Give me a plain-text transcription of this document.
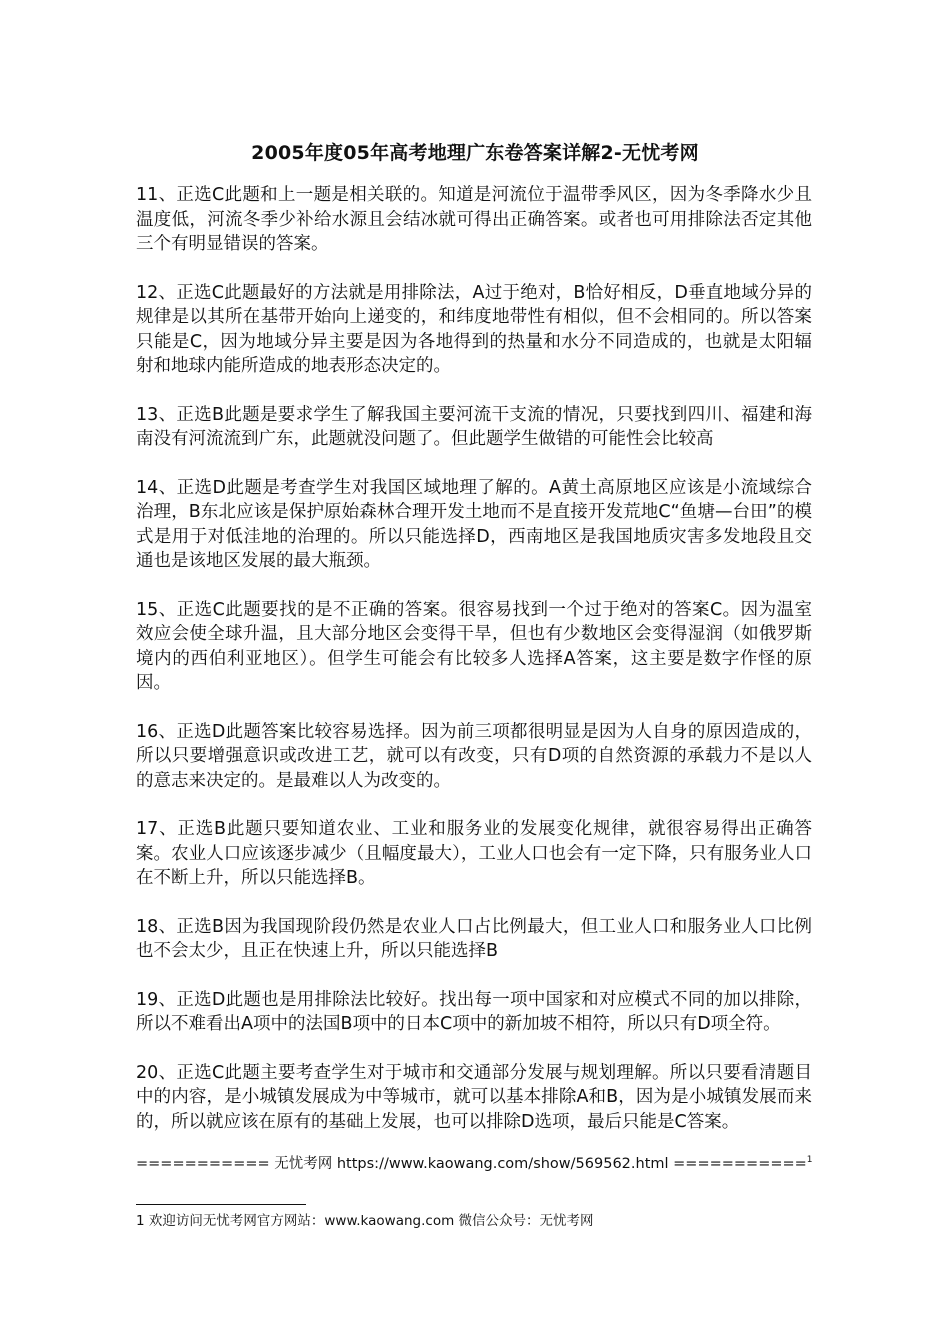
2005年度05年高考地理广东卷答案详解2-无忧考网

11、正选C此题和上一题是相关联的。知道是河流位于温带季风区，因为冬季降水少且温度低，河流冬季少补给水源且会结冰就可得出正确答案。或者也可用排除法否定其他三个有明显错误的答案。

12、正选C此题最好的方法就是用排除法，A过于绝对，B恰好相反，D垂直地域分异的规律是以其所在基带开始向上递变的，和纬度地带性有相似，但不会相同的。所以答案只能是C，因为地域分异主要是因为各地得到的热量和水分不同造成的，也就是太阳辐射和地球内能所造成的地表形态决定的。

13、正选B此题是要求学生了解我国主要河流干支流的情况，只要找到四川、福建和海南没有河流流到广东，此题就没问题了。但此题学生做错的可能性会比较高

14、正选D此题是考查学生对我国区域地理了解的。A黄土高原地区应该是小流域综合治理，B东北应该是保护原始森林合理开发土地而不是直接开发荒地C“鱼塘—台田”的模式是用于对低洼地的治理的。所以只能选择D，西南地区是我国地质灾害多发地段且交通也是该地区发展的最大瓶颈。

15、正选C此题要找的是不正确的答案。很容易找到一个过于绝对的答案C。因为温室效应会使全球升温，且大部分地区会变得干旱，但也有少数地区会变得湿润（如俄罗斯境内的西伯利亚地区）。但学生可能会有比较多人选择A答案，这主要是数字作怪的原因。

16、正选D此题答案比较容易选择。因为前三项都很明显是因为人自身的原因造成的，所以只要增强意识或改进工艺，就可以有改变，只有D项的自然资源的承载力不是以人的意志来决定的。是最难以人为改变的。

17、正选B此题只要知道农业、工业和服务业的发展变化规律，就很容易得出正确答案。农业人口应该逐步减少（且幅度最大），工业人口也会有一定下降，只有服务业人口在不断上升，所以只能选择B。

18、正选B因为我国现阶段仍然是农业人口占比例最大，但工业人口和服务业人口比例也不会太少，且正在快速上升，所以只能选择B

19、正选D此题也是用排除法比较好。找出每一项中国家和对应模式不同的加以排除，所以不难看出A项中的法国B项中的日本C项中的新加坡不相符，所以只有D项全符。

20、正选C此题主要考查学生对于城市和交通部分发展与规划理解。所以只要看清题目中的内容，是小城镇发展成为中等城市，就可以基本排除A和B，因为是小城镇发展而来的，所以就应该在原有的基础上发展，也可以排除D选项，最后只能是C答案。

=========== 无忧考网 https://www.kaowang.com/show/569562.html ===========$^1$
1 欢迎访问无忧考网官方网站：www.kaowang.com 微信公众号：无忧考网
